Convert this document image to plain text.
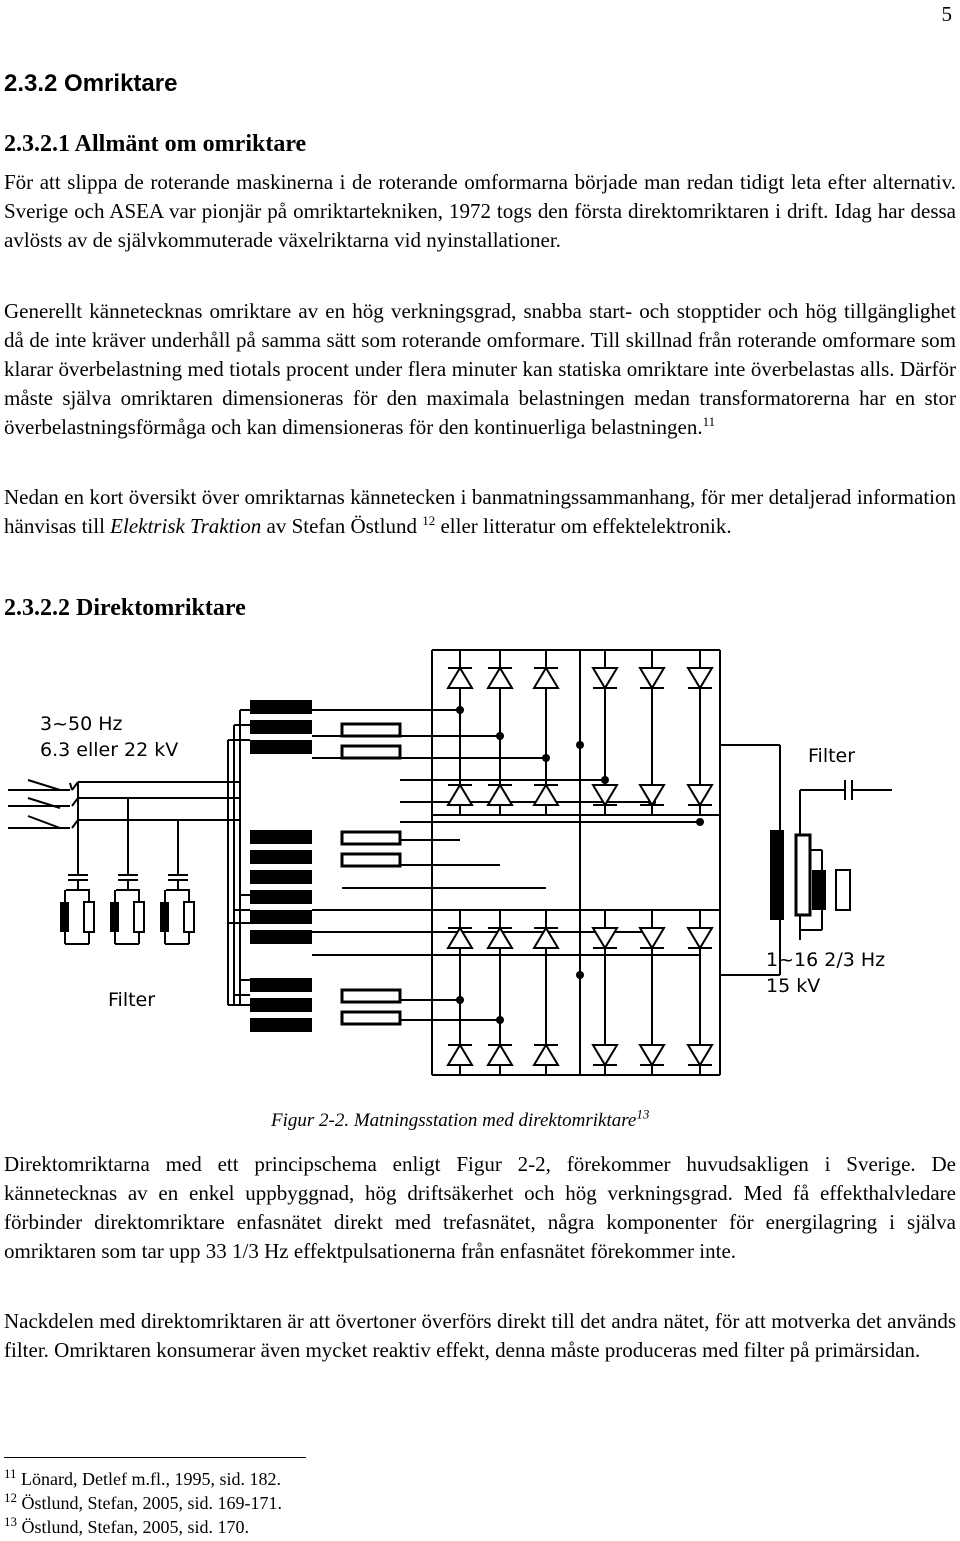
5
2.3.2 Omriktare
2.3.2.1 Allmänt om omriktare

För att slippa de roterande maskinerna i de roterande omformarna började man redan tidigt leta efter alternativ. Sverige och ASEA var pionjär på omriktartekniken, 1972 togs den första direktomriktaren i drift. Idag har dessa avlösts av de självkommuterade växelriktarna vid nyinstallationer.

Generellt kännetecknas omriktare av en hög verkningsgrad, snabba start- och stopptider och hög tillgänglighet då de inte kräver underhåll på samma sätt som roterande omformare. Till skillnad från roterande omformare som klarar överbelastning med tiotals procent under flera minuter kan statiska omriktare inte överbelastas alls. Därför måste själva omriktaren dimensioneras för den maximala belastningen medan transformatorerna har en stor överbelastningsförmåga och kan dimensioneras för den kontinuerliga belastningen.$^{11}$

Nedan en kort översikt över omriktarnas kännetecken i banmatningssammanhang, för mer detaljerad information hänvisas till Elektrisk Traktion av Stefan Östlund $^{12}$ eller litteratur om effektelektronik.

2.3.2.2 Direktomriktare
3~50 Hz
6.3 eller 22 kV
Filter
Filter
1~16 2/3 Hz
15 kV
Figur 2-2. Matningsstation med direktomriktare$^{13}$

Direktomriktarna med ett principschema enligt Figur 2-2, förekommer huvudsakligen i Sverige. De kännetecknas av en enkel uppbyggnad, hög driftsäkerhet och hög verkningsgrad. Med få effekthalvledare förbinder direktomriktare enfasnätet direkt med trefasnätet, några komponenter för energilagring i själva omriktaren som tar upp 33 1/3 Hz effektpulsationerna från enfasnätet förekommer inte.

Nackdelen med direktomriktaren är att övertoner överförs direkt till det andra nätet, för att motverka det används filter. Omriktaren konsumerar även mycket reaktiv effekt, denna måste produceras med filter på primärsidan.

$^{11}$ Lönard, Detlef m.fl., 1995, sid. 182.
$^{12}$ Östlund, Stefan, 2005, sid. 169-171.
$^{13}$ Östlund, Stefan, 2005, sid. 170.
